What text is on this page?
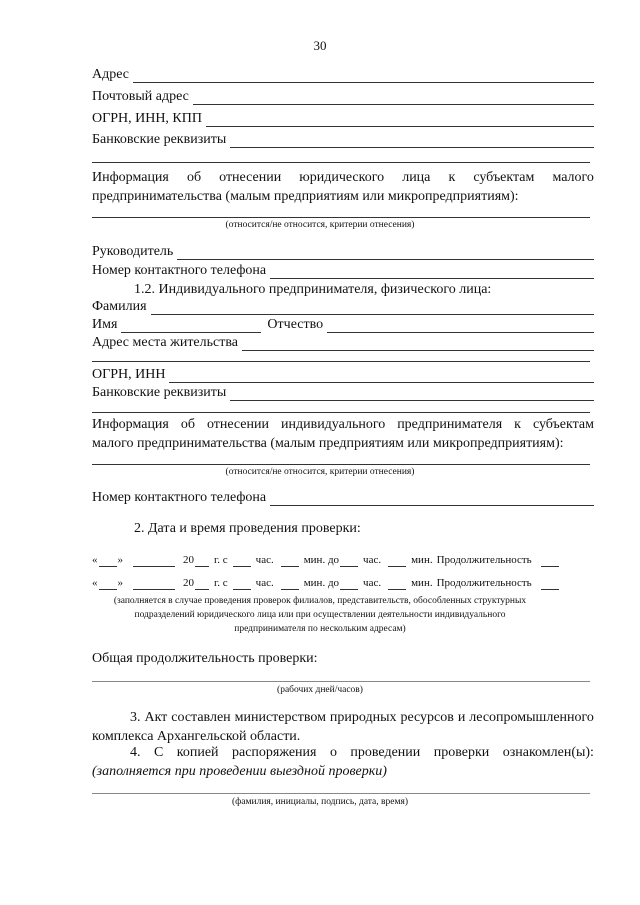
30
Адрес
Почтовый адрес
ОГРН, ИНН, КПП
Банковские реквизиты
Информация об отнесении юридического лица к субъектам малого
предпринимательства (малым предприятиям или микропредприятиям):
(относится/не относится, критерии отнесения)
Руководитель
Номер контактного телефона
1.2. Индивидуального предпринимателя, физического лица:
Фамилия
Имя	Отчество
Адрес места жительства
ОГРН, ИНН
Банковские реквизиты
Информация об отнесении индивидуального предпринимателя к субъектам
малого предпринимательства (малым предприятиям или микропредприятиям):
(относится/не относится, критерии отнесения)
Номер контактного телефона
2. Дата и время проведения проверки:
« »	20 г. с	час.	мин. до час.	мин. Продолжительность
« »	20 г. с	час.	мин. до час.	мин. Продолжительность
(заполняется в случае проведения проверок филиалов, представительств, обособленных структурных
подразделений юридического лица или при осуществлении деятельности индивидуального
предпринимателя по нескольким адресам)
Общая продолжительность проверки:
(рабочих дней/часов)
3. Акт составлен министерством природных ресурсов и лесопромышленного
комплекса Архангельской области.
4. С копией распоряжения о проведении проверки ознакомлен(ы):
(заполняется при проведении выездной проверки)
(фамилия, инициалы, подпись, дата, время)
